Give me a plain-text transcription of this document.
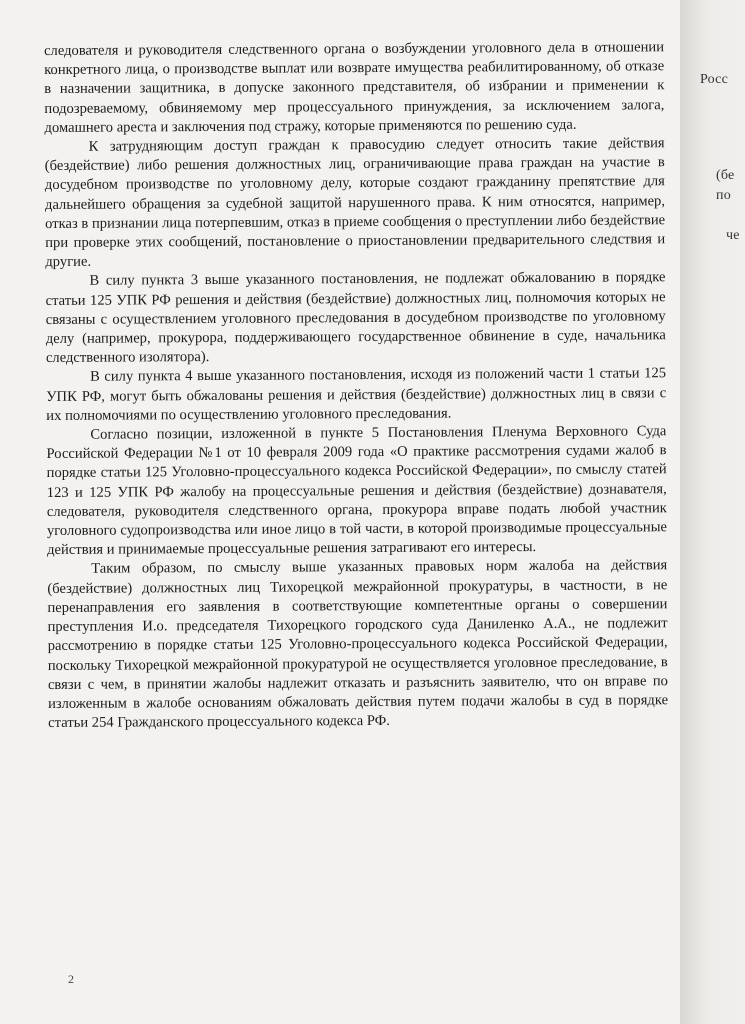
следователя и руководителя следственного органа о возбуждении уголовного дела в отношении конкретного лица, о производстве выплат или возврате имущества реабилитированному, об отказе в назначении защитника, в допуске законного представителя, об избрании и применении к подозреваемому, обвиняемому мер процессуального принуждения, за исключением залога, домашнего ареста и заключения под стражу, которые применяются по решению суда.

К затрудняющим доступ граждан к правосудию следует относить такие действия (бездействие) либо решения должностных лиц, ограничивающие права граждан на участие в досудебном производстве по уголовному делу, которые создают гражданину препятствие для дальнейшего обращения за судебной защитой нарушенного права. К ним относятся, например, отказ в признании лица потерпевшим, отказ в приеме сообщения о преступлении либо бездействие при проверке этих сообщений, постановление о приостановлении предварительного следствия и другие.

В силу пункта 3 выше указанного постановления, не подлежат обжалованию в порядке статьи 125 УПК РФ решения и действия (бездействие) должностных лиц, полномочия которых не связаны с осуществлением уголовного преследования в досудебном производстве по уголовному делу (например, прокурора, поддерживающего государственное обвинение в суде, начальника следственного изолятора).

В силу пункта 4 выше указанного постановления, исходя из положений части 1 статьи 125 УПК РФ, могут быть обжалованы решения и действия (бездействие) должностных лиц в связи с их полномочиями по осуществлению уголовного преследования.

Согласно позиции, изложенной в пункте 5 Постановления Пленума Верховного Суда Российской Федерации №1 от 10 февраля 2009 года «О практике рассмотрения судами жалоб в порядке статьи 125 Уголовно-процессуального кодекса Российской Федерации», по смыслу статей 123 и 125 УПК РФ жалобу на процессуальные решения и действия (бездействие) дознавателя, следователя, руководителя следственного органа, прокурора вправе подать любой участник уголовного судопроизводства или иное лицо в той части, в которой производимые процессуальные действия и принимаемые процессуальные решения затрагивают его интересы.

Таким образом, по смыслу выше указанных правовых норм жалоба на действия (бездействие) должностных лиц Тихорецкой межрайонной прокуратуры, в частности, в не перенаправления его заявления в соответствующие компетентные органы о совершении преступления И.о. председателя Тихорецкого городского суда Даниленко А.А., не подлежит рассмотрению в порядке статьи 125 Уголовно-процессуального кодекса Российской Федерации, поскольку Тихорецкой межрайонной прокуратурой не осуществляется уголовное преследование, в связи с чем, в принятии жалобы надлежит отказать и разъяснить заявителю, что он вправе по изложенным в жалобе основаниям обжаловать действия путем подачи жалобы в суд в порядке статьи 254 Гражданского процессуального кодекса РФ.

2
Росс
(бе
по
че
